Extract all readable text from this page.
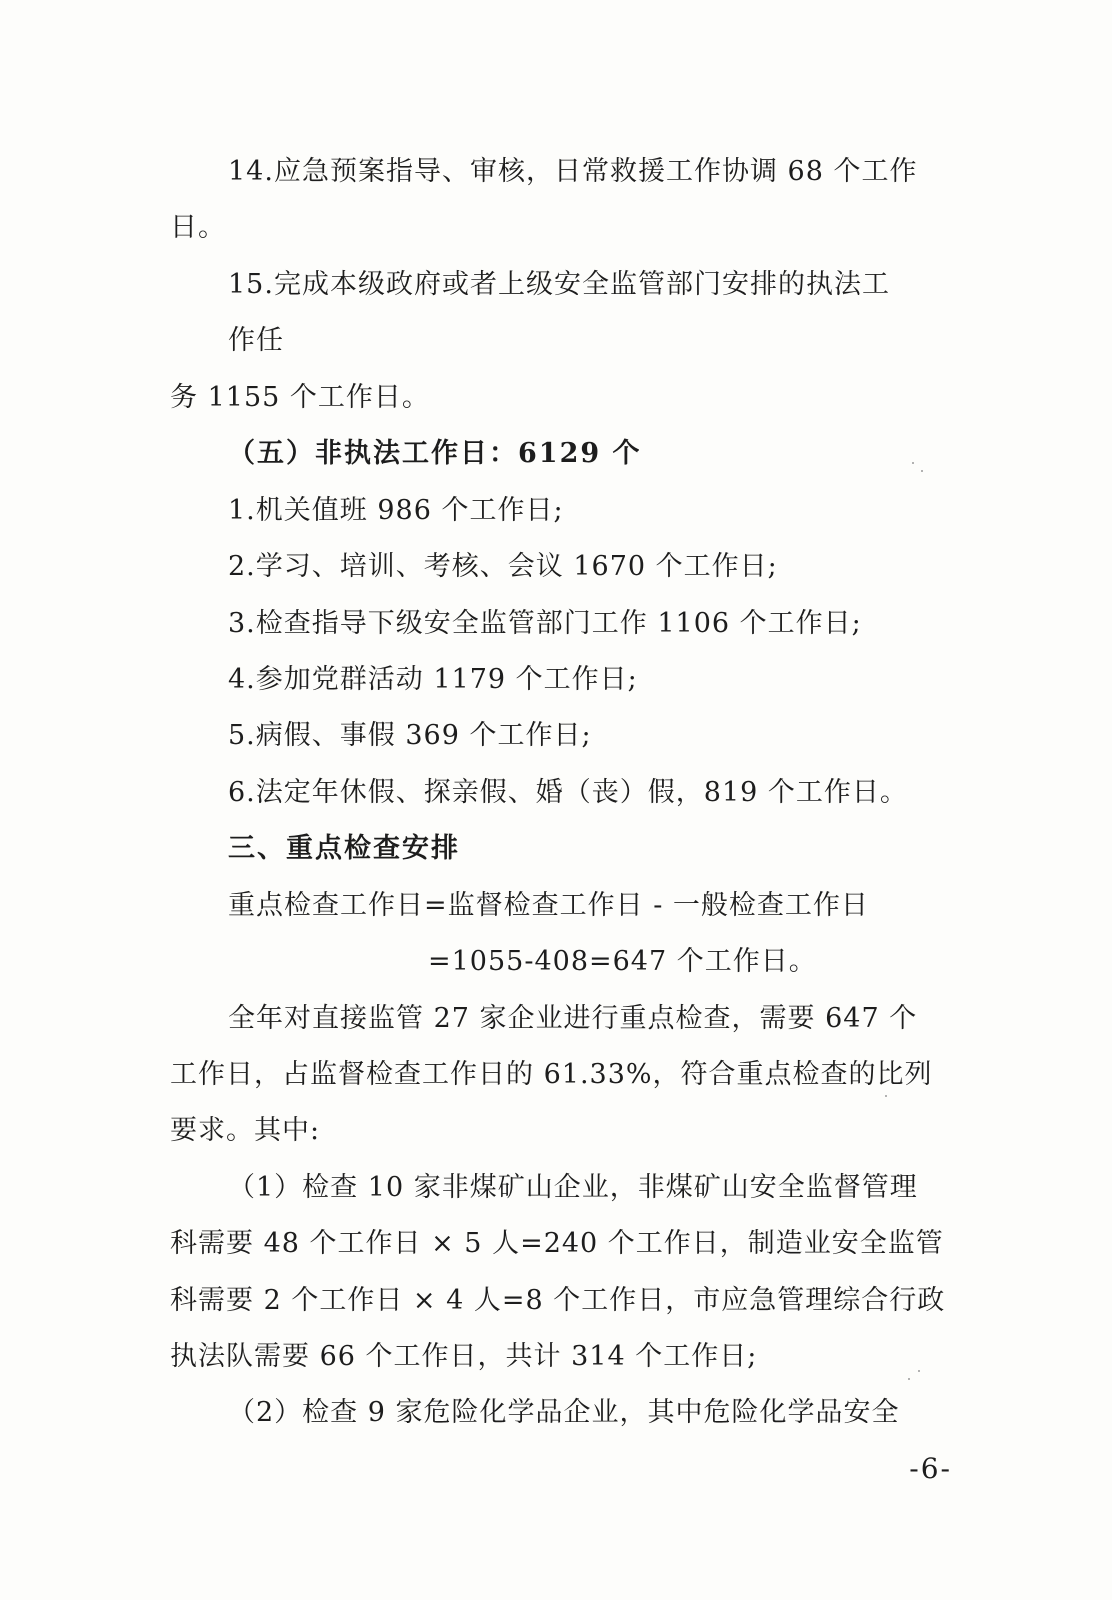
14.应急预案指导、审核，日常救援工作协调 68 个工作
日。
15.完成本级政府或者上级安全监管部门安排的执法工
作任
务 1155 个工作日。
（五）非执法工作日：6129 个
1.机关值班 986 个工作日;
2.学习、培训、考核、会议 1670 个工作日;
3.检查指导下级安全监管部门工作 1106 个工作日;
4.参加党群活动 1179 个工作日;
5.病假、事假 369 个工作日;
6.法定年休假、探亲假、婚（丧）假，819 个工作日。
三、重点检查安排
重点检查工作日=监督检查工作日 - 一般检查工作日
=1055-408=647 个工作日。
全年对直接监管 27 家企业进行重点检查，需要 647 个
工作日，占监督检查工作日的 61.33%，符合重点检查的比列
要求。其中:
（1）检查 10 家非煤矿山企业，非煤矿山安全监督管理
科需要 48 个工作日 × 5 人=240 个工作日，制造业安全监管
科需要 2 个工作日 × 4 人=8 个工作日，市应急管理综合行政
执法队需要 66 个工作日，共计 314 个工作日;
（2）检查 9 家危险化学品企业，其中危险化学品安全
-6-
